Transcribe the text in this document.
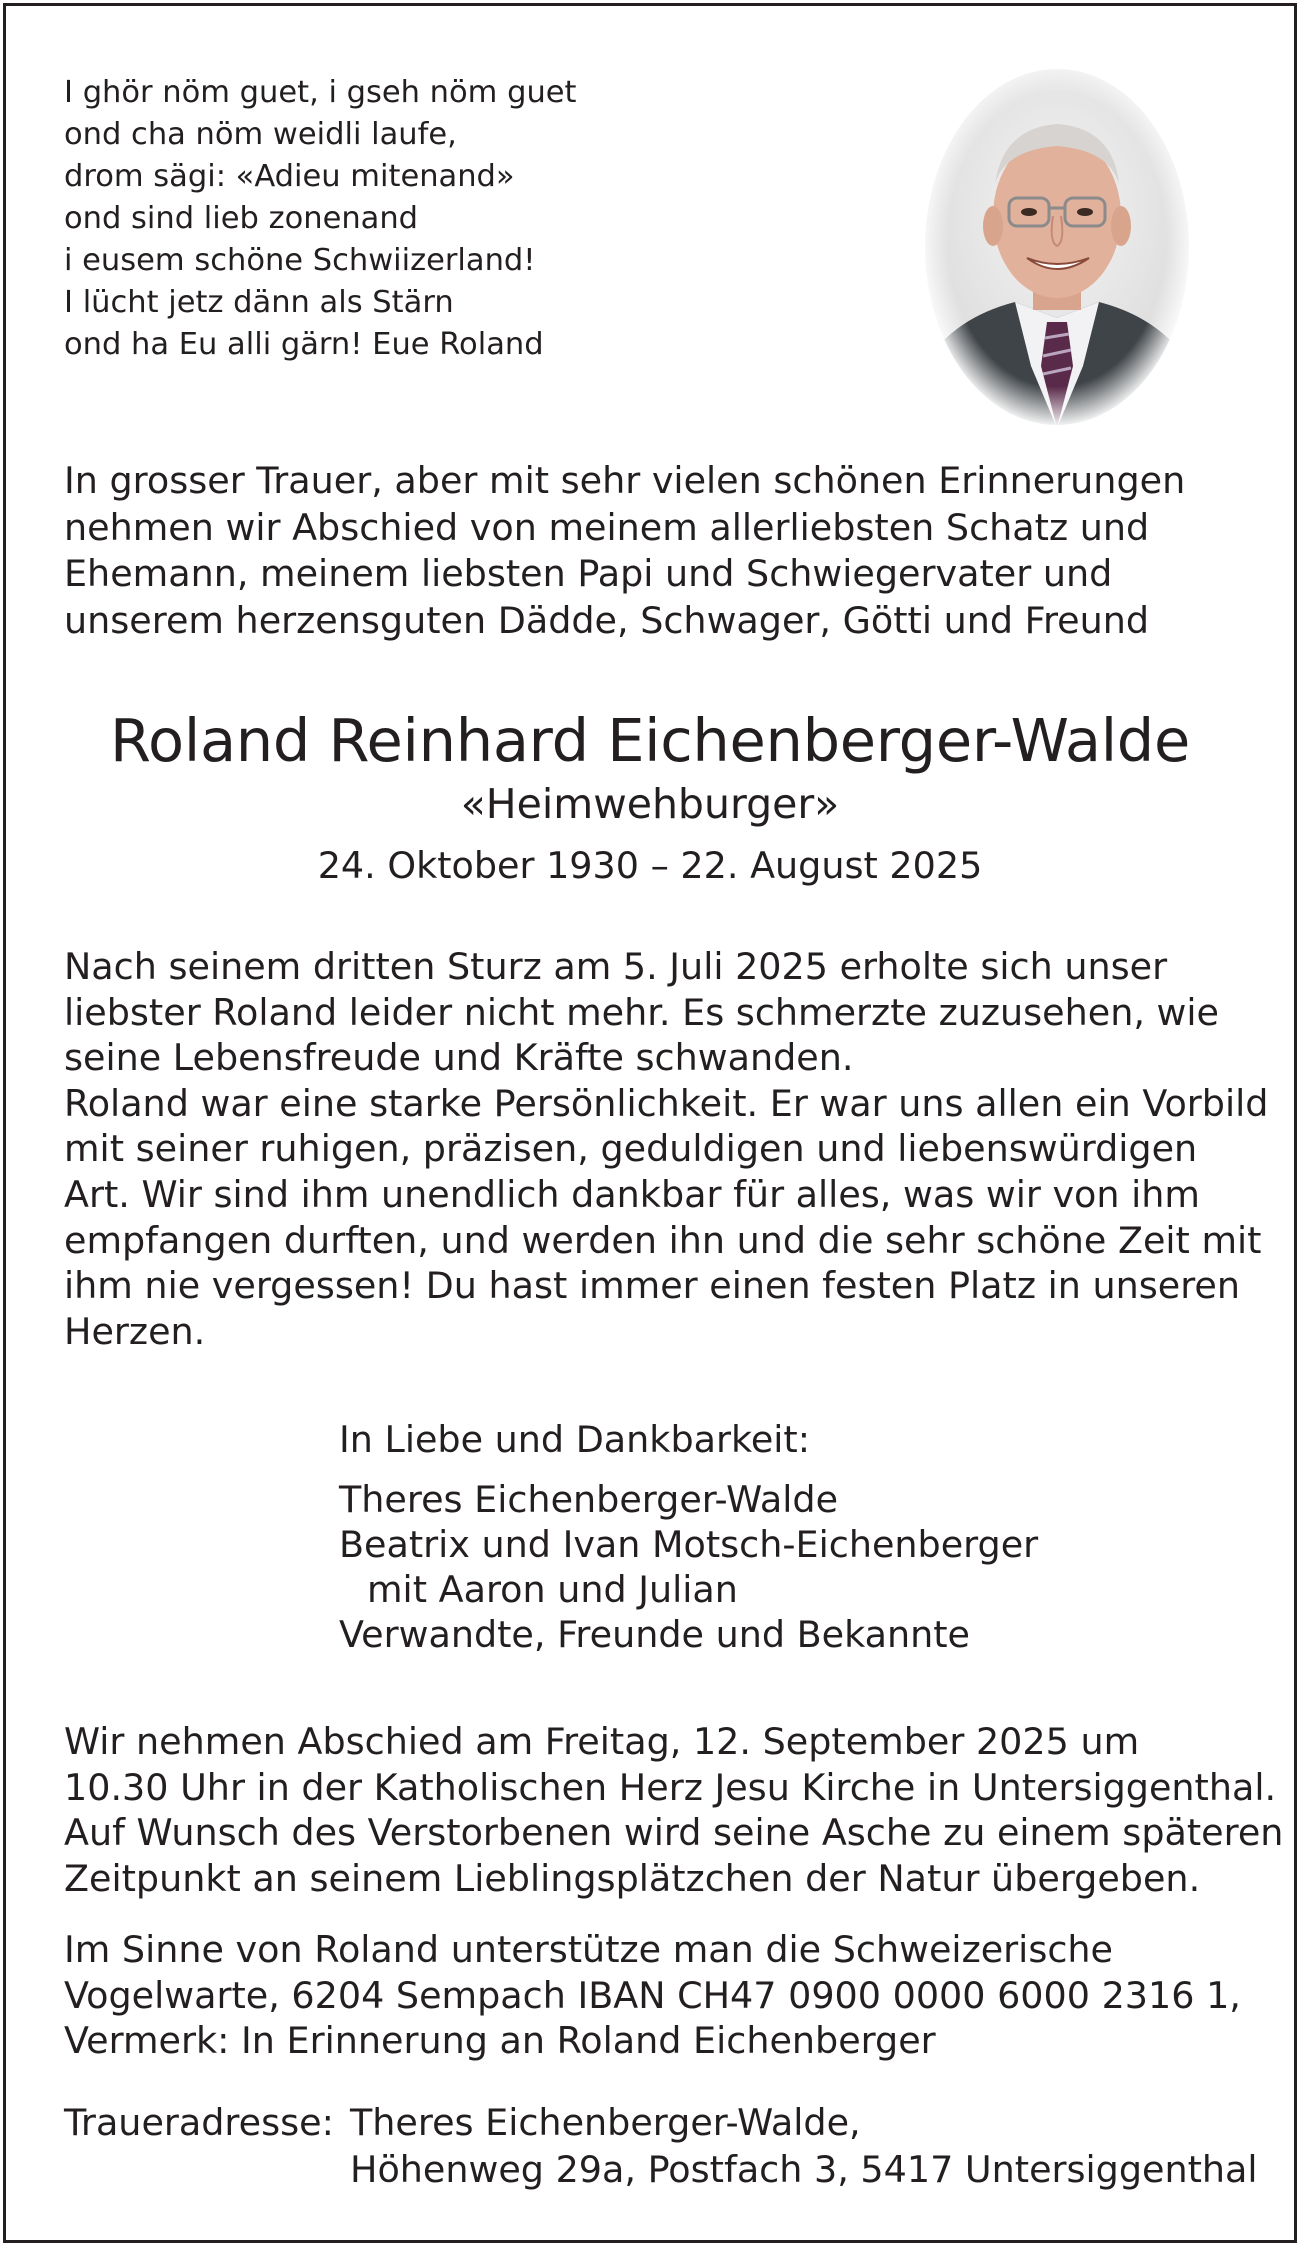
I ghör nöm guet, i gseh nöm guet
ond cha nöm weidli laufe,
drom sägi: «Adieu mitenand»
ond sind lieb zonenand
i eusem schöne Schwiizerland!
I lücht jetz dänn als Stärn
ond ha Eu alli gärn! Eue Roland
In grosser Trauer, aber mit sehr vielen schönen Erinnerungen
nehmen wir Abschied von meinem allerliebsten Schatz und
Ehemann, meinem liebsten Papi und Schwiegervater und
unserem herzensguten Dädde, Schwager, Götti und Freund
Roland Reinhard Eichenberger-Walde
«Heimwehburger»
24. Oktober 1930 – 22. August 2025
Nach seinem dritten Sturz am 5. Juli 2025 erholte sich unser
liebster Roland leider nicht mehr. Es schmerzte zuzusehen, wie
seine Lebensfreude und Kräfte schwanden.
Roland war eine starke Persönlichkeit. Er war uns allen ein Vorbild
mit seiner ruhigen, präzisen, geduldigen und liebenswürdigen
Art. Wir sind ihm unendlich dankbar für alles, was wir von ihm
empfangen durften, und werden ihn und die sehr schöne Zeit mit
ihm nie vergessen! Du hast immer einen festen Platz in unseren
Herzen.
In Liebe und Dankbarkeit:
Theres Eichenberger-Walde
Beatrix und Ivan Motsch-Eichenberger
mit Aaron und Julian
Verwandte, Freunde und Bekannte
Wir nehmen Abschied am Freitag, 12. September 2025 um
10.30 Uhr in der Katholischen Herz Jesu Kirche in Untersiggenthal.
Auf Wunsch des Verstorbenen wird seine Asche zu einem späteren
Zeitpunkt an seinem Lieblingsplätzchen der Natur übergeben.
Im Sinne von Roland unterstütze man die Schweizerische
Vogelwarte, 6204 Sempach IBAN CH47 0900 0000 6000 2316 1,
Vermerk: In Erinnerung an Roland Eichenberger
Traueradresse: Theres Eichenberger-Walde,
Höhenweg 29a, Postfach 3, 5417 Untersiggenthal
